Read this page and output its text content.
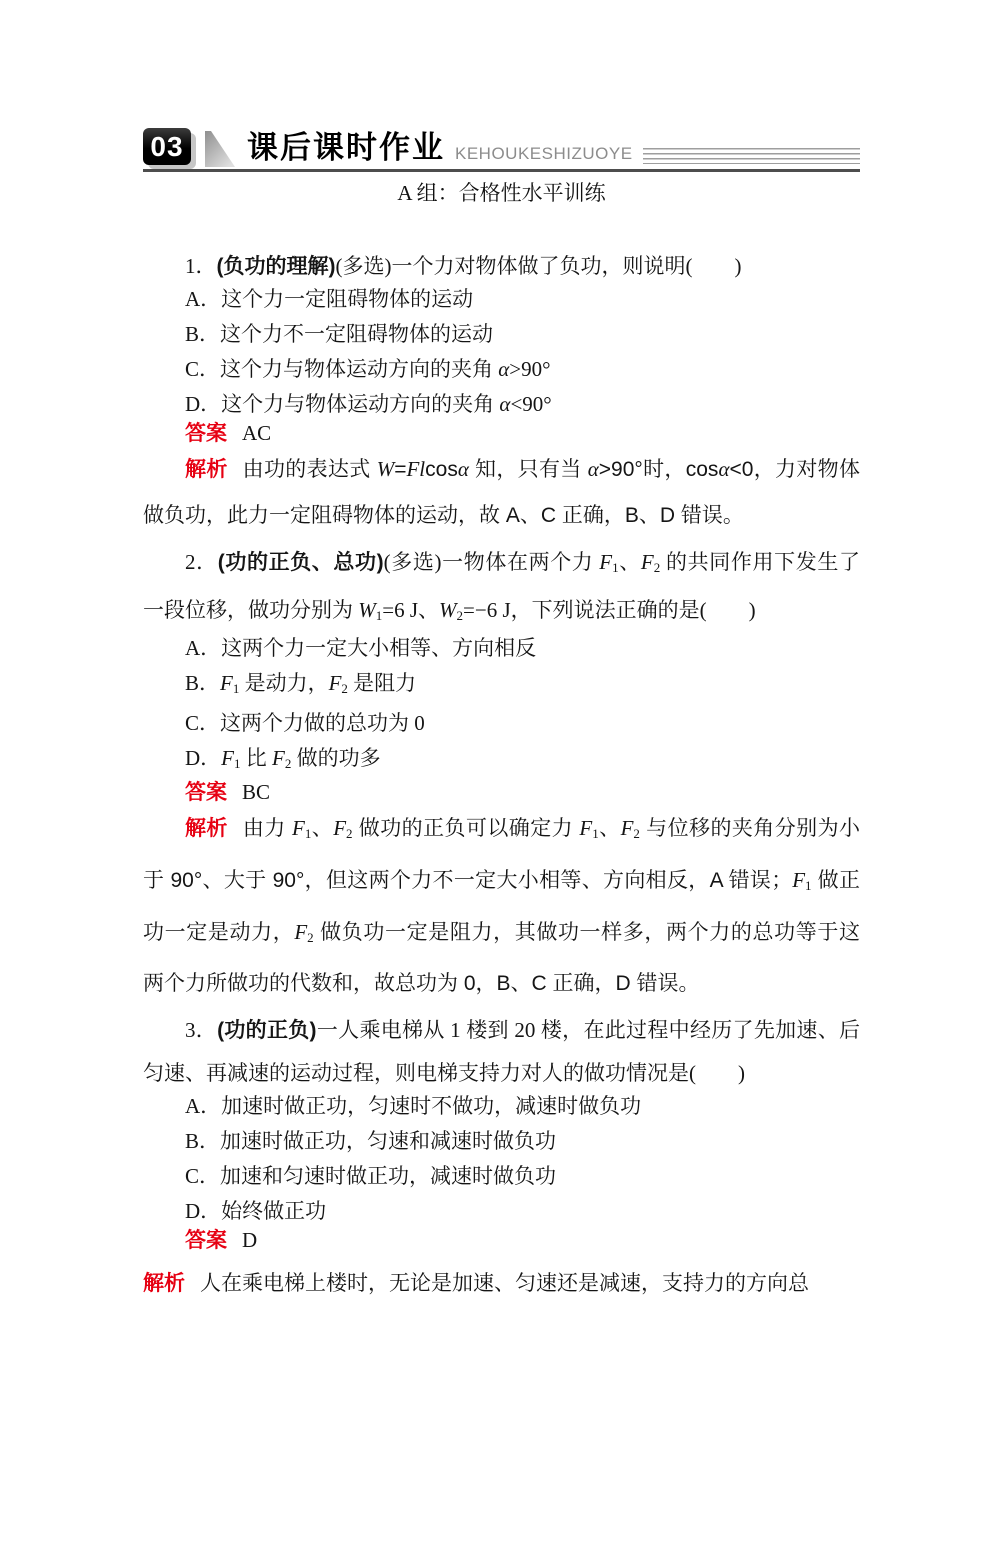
03 课后课时作业 KEHOUKESHIZUOYE
A 组：合格性水平训练

1．(负功的理解)(多选)一个力对物体做了负功，则说明(　　)

A．这个力一定阻碍物体的运动

B．这个力不一定阻碍物体的运动

C．这个力与物体运动方向的夹角 α>90°

D．这个力与物体运动方向的夹角 α<90°

答案 AC

解析 由功的表达式 W=Flcosα 知，只有当 α>90°时，cosα<0，力对物体做负功，此力一定阻碍物体的运动，故 A、C 正确，B、D 错误。

2．(功的正负、总功)(多选)一物体在两个力 $F_1$、$F_2$ 的共同作用下发生了一段位移，做功分别为 $W_1=6$ J、$W_2=-6$ J，下列说法正确的是(　　)

A．这两个力一定大小相等、方向相反

B．$F_1$ 是动力，$F_2$ 是阻力

C．这两个力做的总功为 0

D．$F_1$ 比 $F_2$ 做的功多

答案 BC

解析 由力 $F_1$、$F_2$ 做功的正负可以确定力 $F_1$、$F_2$ 与位移的夹角分别为小于 90°、大于 90°，但这两个力不一定大小相等、方向相反，A 错误；$F_1$ 做正功一定是动力，$F_2$ 做负功一定是阻力，其做功一样多，两个力的总功等于这两个力所做功的代数和，故总功为 0，B、C 正确，D 错误。

3．(功的正负)一人乘电梯从 1 楼到 20 楼，在此过程中经历了先加速、后匀速、再减速的运动过程，则电梯支持力对人的做功情况是(　　)

A．加速时做正功，匀速时不做功，减速时做负功

B．加速时做正功，匀速和减速时做负功

C．加速和匀速时做正功，减速时做负功

D．始终做正功

答案 D

解析 人在乘电梯上楼时，无论是加速、匀速还是减速，支持力的方向总
